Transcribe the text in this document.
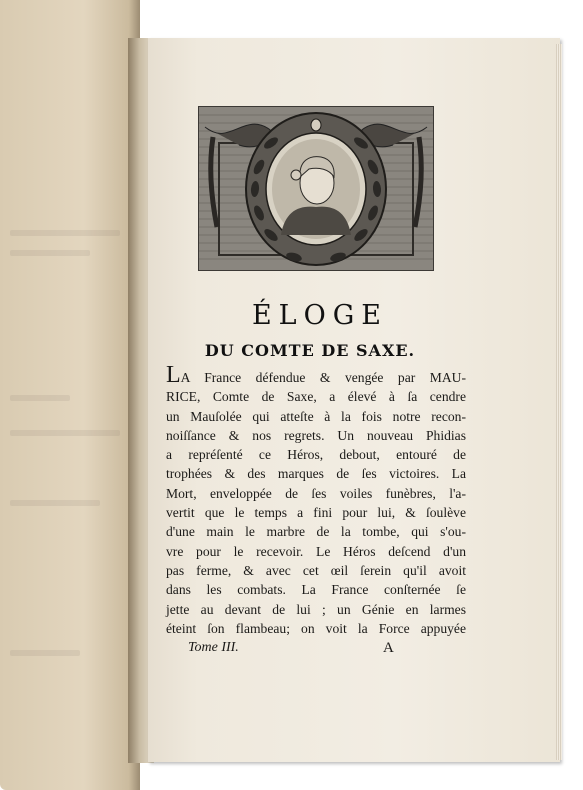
ÉLOGE
DU COMTE DE SAXE.
LA France défendue & vengée par MAU-
RICE, Comte de Saxe, a élevé à ſa cendre
un Mauſolée qui atteſte à la fois notre recon-
noiſſance & nos regrets. Un nouveau Phidias
a repréſenté ce Héros, debout, entouré de
trophées & des marques de ſes victoires. La
Mort, enveloppée de ſes voiles funèbres, l'a-
vertit que le temps a fini pour lui, & ſoulève
d'une main le marbre de la tombe, qui s'ou-
vre pour le recevoir. Le Héros deſcend d'un
pas ferme, & avec cet œil ſerein qu'il avoit
dans les combats. La France conſternée ſe
jette au devant de lui ; un Génie en larmes
éteint ſon flambeau; on voit la Force appuyée
Tome III.	A
